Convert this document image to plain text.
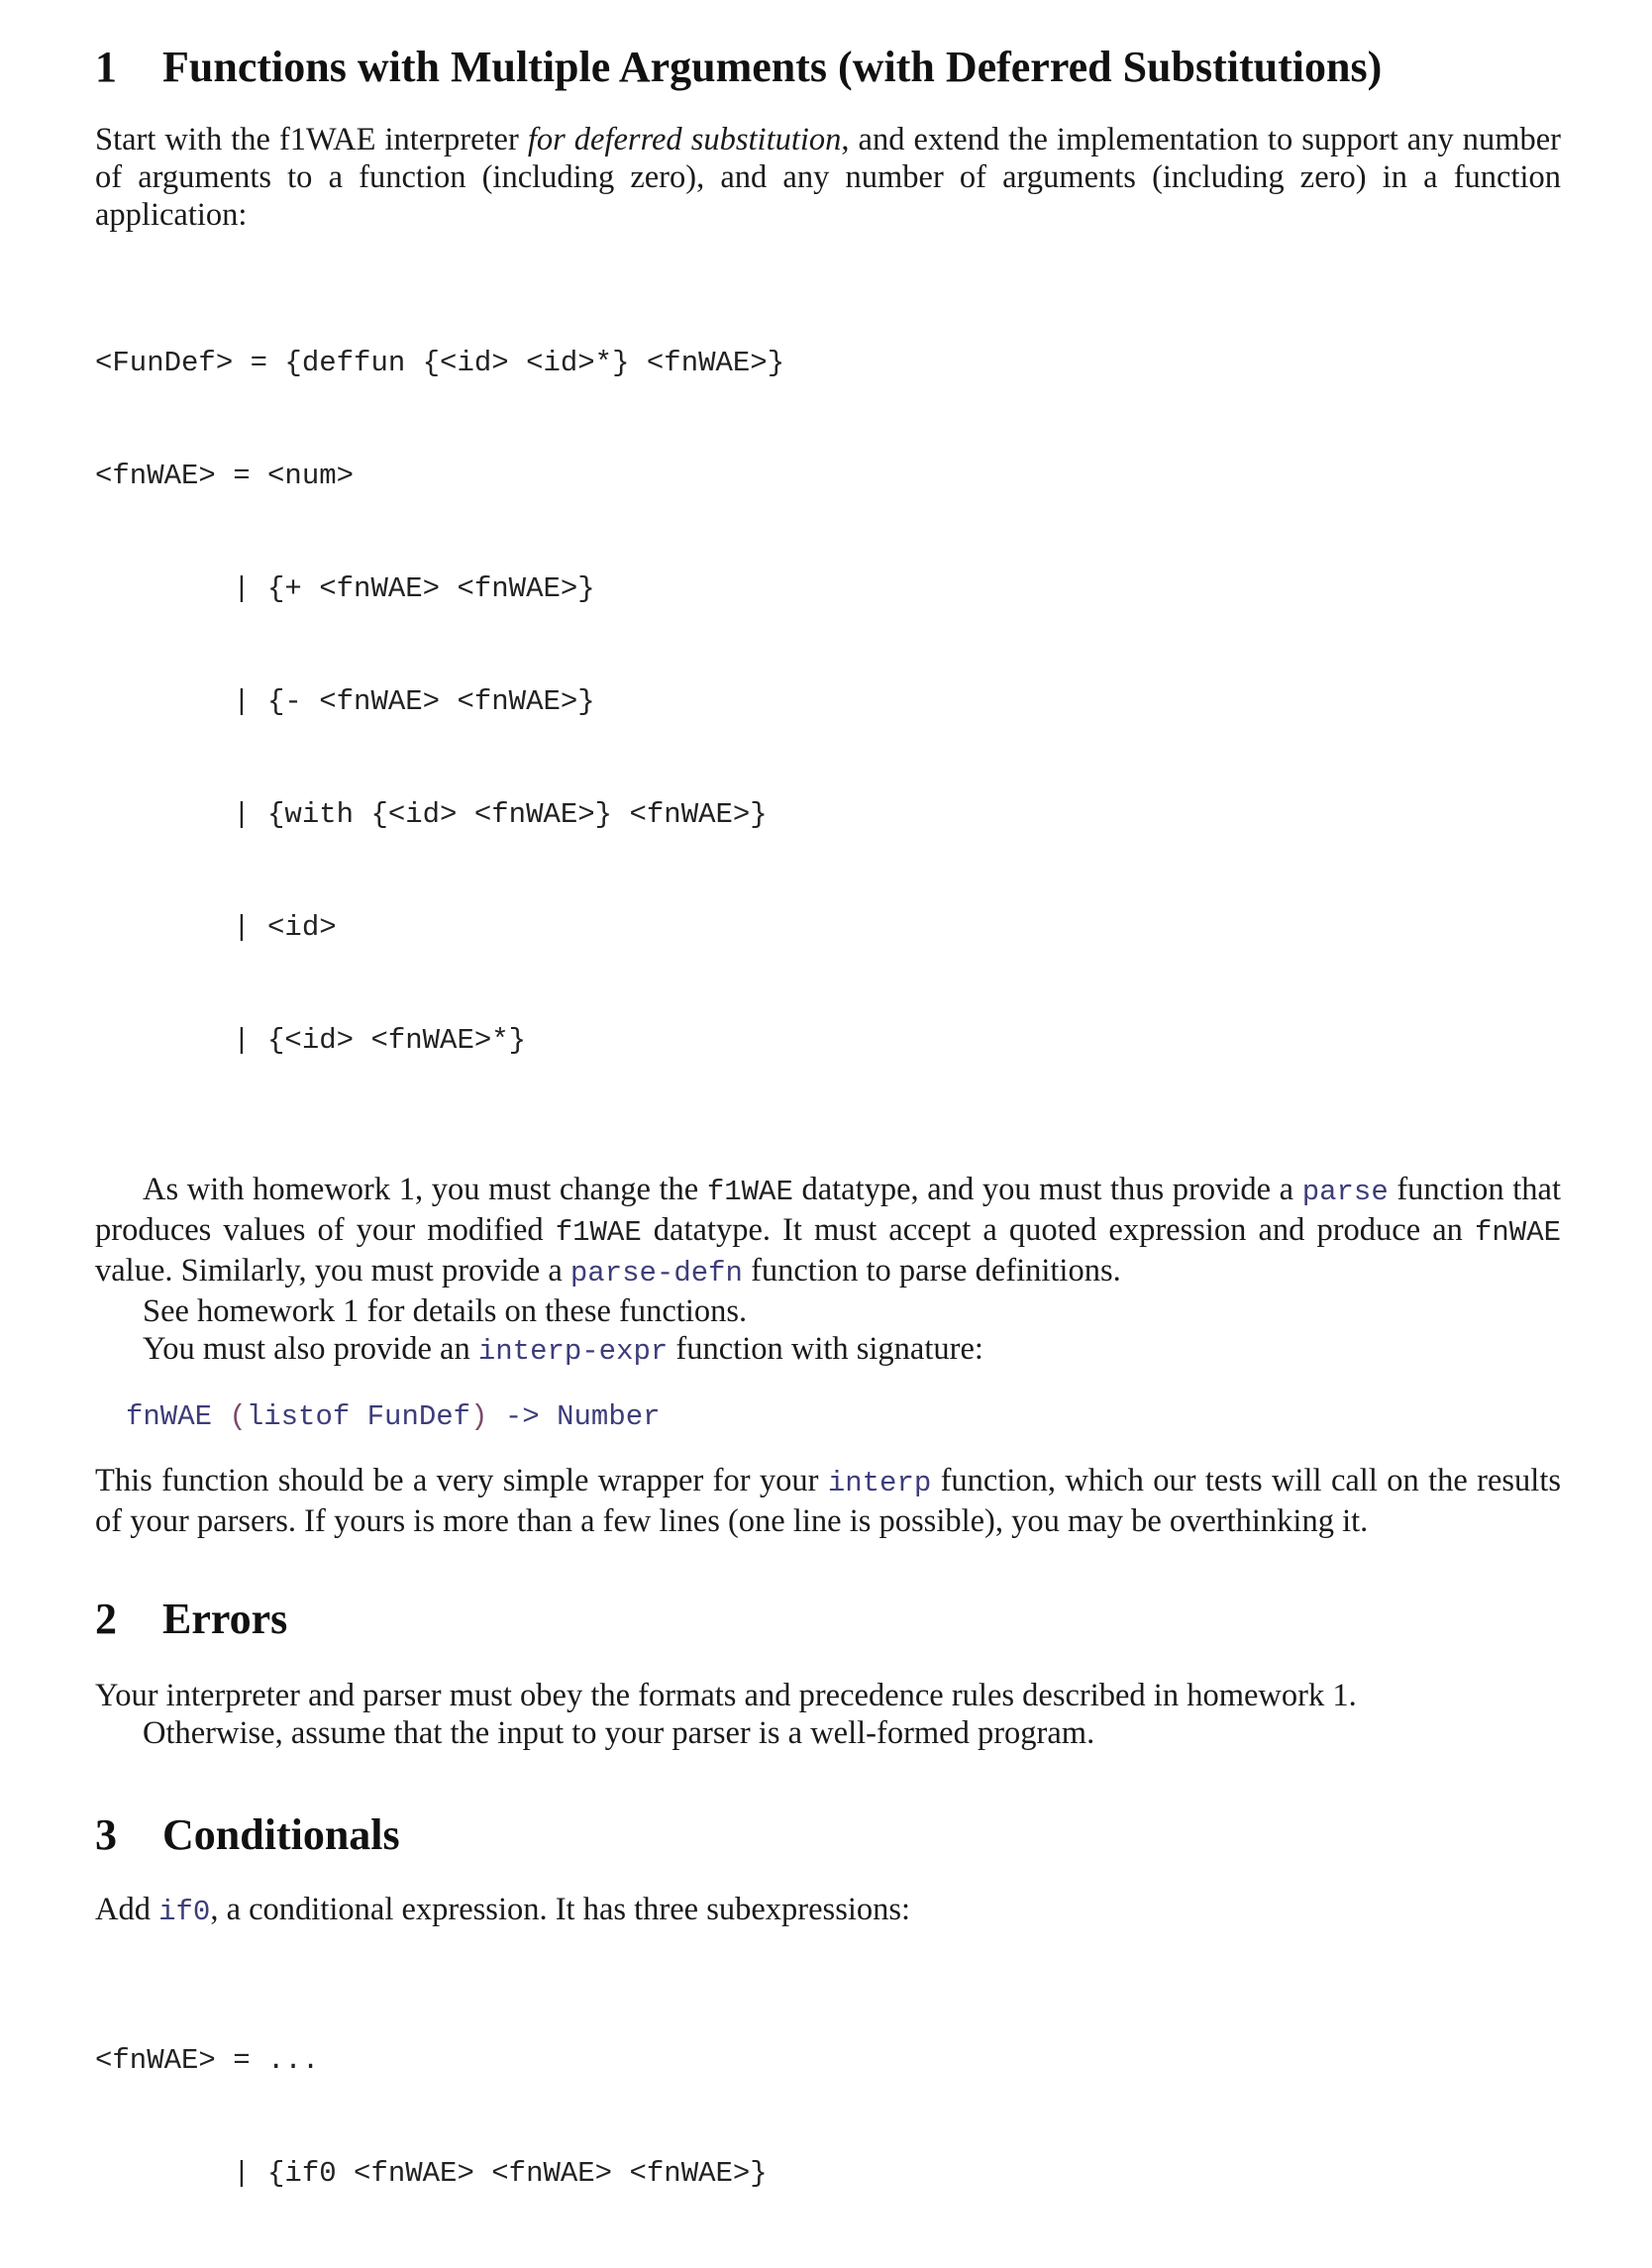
1	Functions with Multiple Arguments (with Deferred Substitutions)

Start with the f1WAE interpreter for deferred substitution, and extend the implementation to support any number of arguments to a function (including zero), and any number of arguments (including zero) in a function application:

<FunDef> = {deffun {<id> <id>*} <fnWAE>}

<fnWAE> = <num>

| {+ <fnWAE> <fnWAE>}

| {- <fnWAE> <fnWAE>}

| {with {<id> <fnWAE>} <fnWAE>}

| <id>

| {<id> <fnWAE>*}

As with homework 1, you must change the f1WAE datatype, and you must thus provide a parse function that produces values of your modified f1WAE datatype. It must accept a quoted expression and produce an fnWAE value. Similarly, you must provide a parse-defn function to parse definitions.

See homework 1 for details on these functions.

You must also provide an interp-expr function with signature:

fnWAE (listof FunDef) -> Number

This function should be a very simple wrapper for your interp function, which our tests will call on the results of your parsers. If yours is more than a few lines (one line is possible), you may be overthinking it.

2	Errors

Your interpreter and parser must obey the formats and precedence rules described in homework 1.

Otherwise, assume that the input to your parser is a well-formed program.

3	Conditionals

Add if0, a conditional expression. It has three subexpressions:

<fnWAE> = ...

| {if0 <fnWAE> <fnWAE> <fnWAE>}
